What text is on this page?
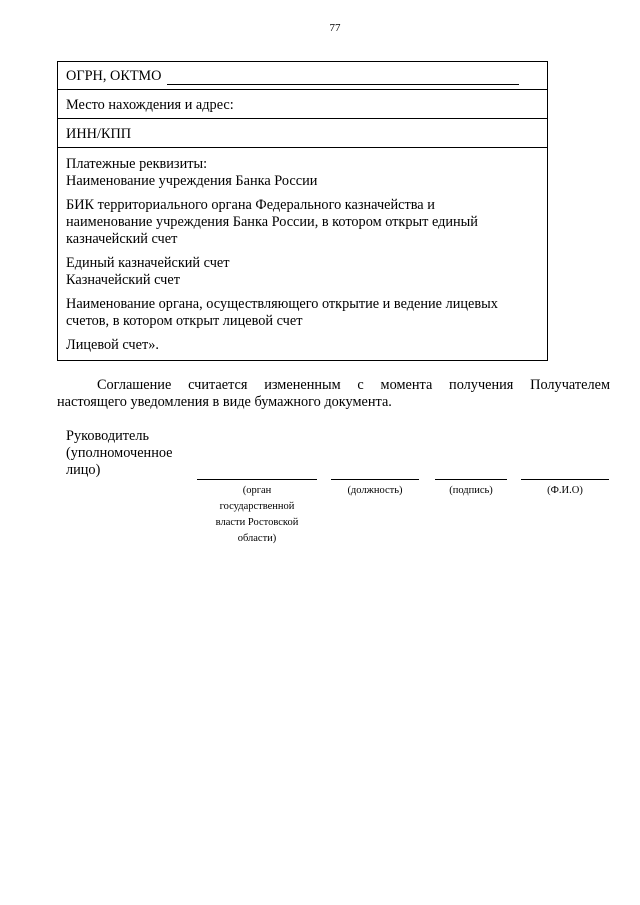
77
ОГРН, ОКТМО
Место нахождения и адрес:
ИНН/КПП
Платежные реквизиты:
Наименование учреждения Банка России
БИК территориального органа Федерального казначейства и
наименование учреждения Банка России, в котором открыт единый
казначейский счет
Единый казначейский счет
Казначейский счет
Наименование органа, осуществляющего открытие и ведение лицевых
счетов, в котором открыт лицевой счет
Лицевой счет».
Соглашение считается измененным с момента получения Получателем
настоящего уведомления в виде бумажного документа.
Руководитель
(уполномоченное
лицо)
(орган
государственной
власти Ростовской
области)
(должность)	(подпись)	(Ф.И.О)
